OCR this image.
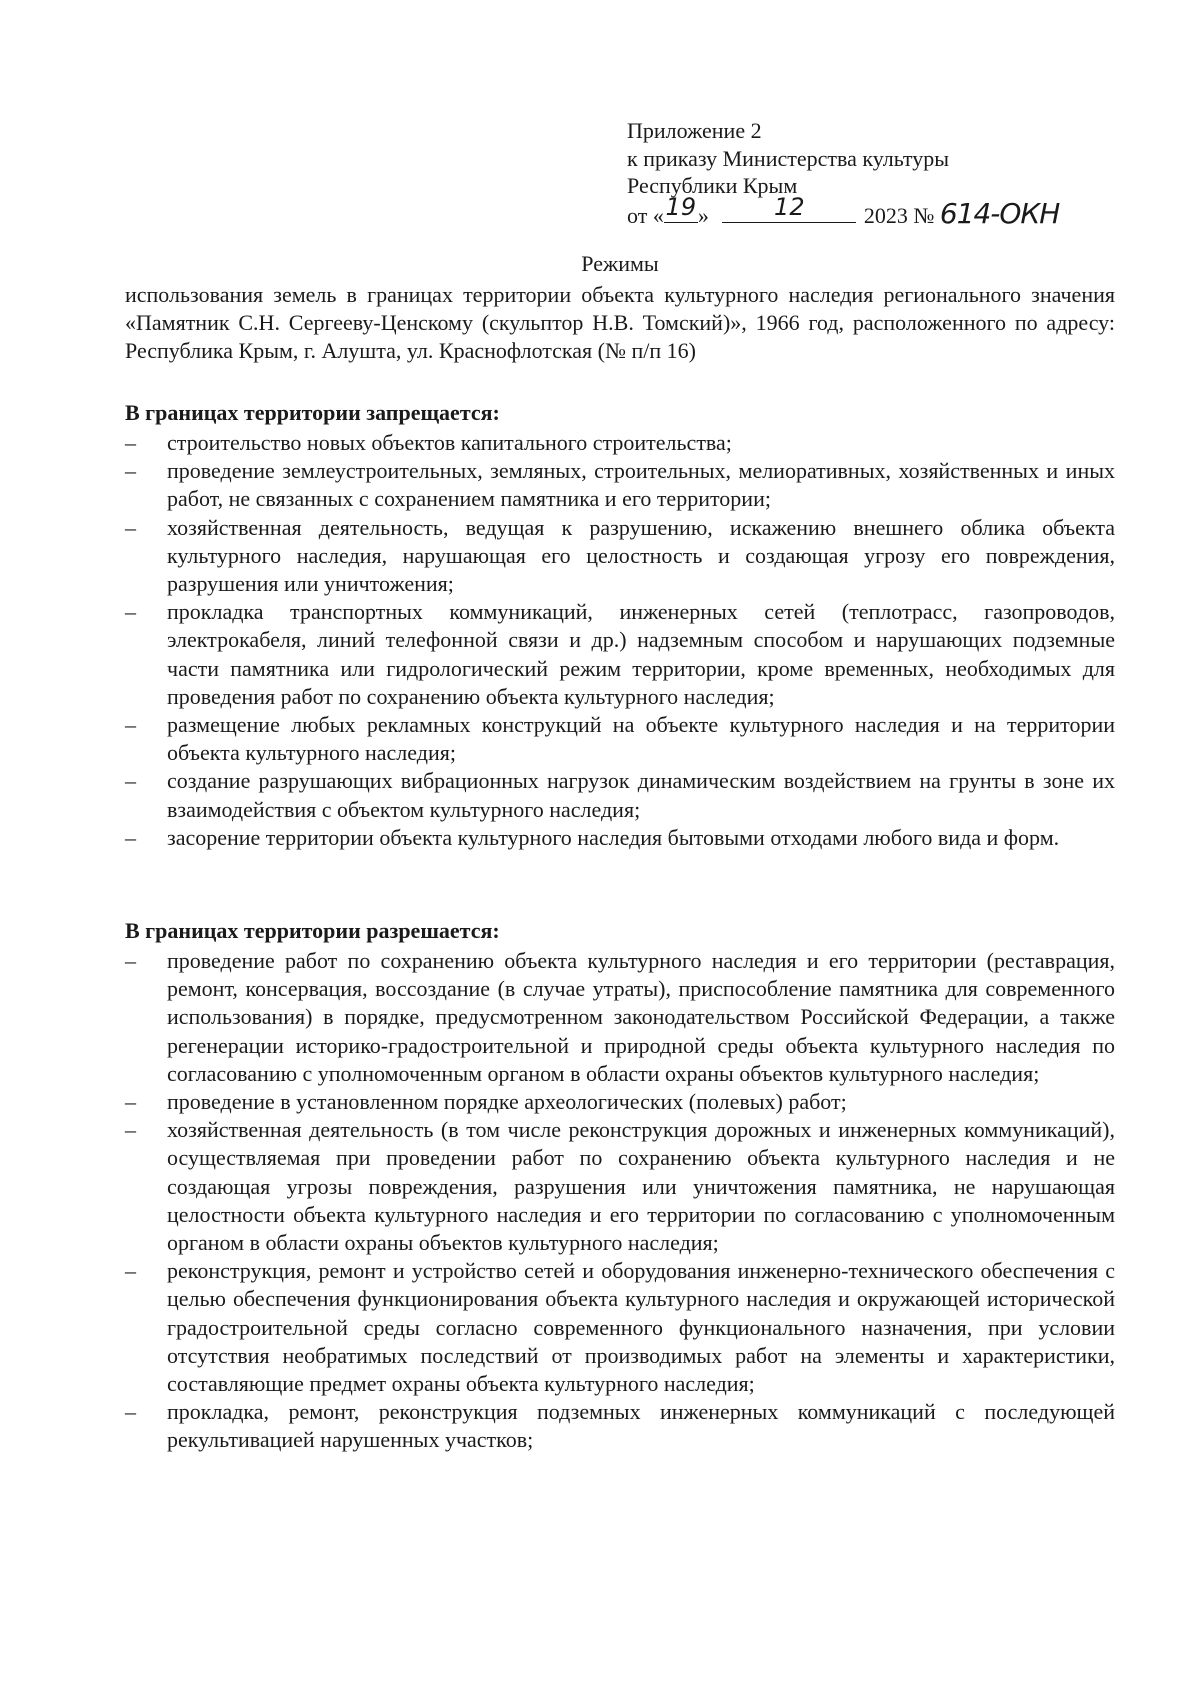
Приложение 2
к приказу Министерства культуры
Республики Крым
от « 19 »	12	2023 № 614-ОКН
Режимы
использования земель в границах территории объекта культурного наследия регионального значения «Памятник С.Н. Сергееву-Ценскому (скульптор Н.В. Томский)», 1966 год, расположенного по адресу: Республика Крым, г. Алушта, ул. Краснофлотская (№ п/п 16)
В границах территории запрещается:
– строительство новых объектов капитального строительства;
– проведение землеустроительных, земляных, строительных, мелиоративных, хозяйственных и иных работ, не связанных с сохранением памятника и его территории;
– хозяйственная деятельность, ведущая к разрушению, искажению внешнего облика объекта культурного наследия, нарушающая его целостность и создающая угрозу его повреждения, разрушения или уничтожения;
– прокладка транспортных коммуникаций, инженерных сетей (теплотрасс, газопроводов, электрокабеля, линий телефонной связи и др.) надземным способом и нарушающих подземные части памятника или гидрологический режим территории, кроме временных, необходимых для проведения работ по сохранению объекта культурного наследия;
– размещение любых рекламных конструкций на объекте культурного наследия и на территории объекта культурного наследия;
– создание разрушающих вибрационных нагрузок динамическим воздействием на грунты в зоне их взаимодействия с объектом культурного наследия;
– засорение территории объекта культурного наследия бытовыми отходами любого вида и форм.
В границах территории разрешается:
– проведение работ по сохранению объекта культурного наследия и его территории (реставрация, ремонт, консервация, воссоздание (в случае утраты), приспособление памятника для современного использования) в порядке, предусмотренном законодательством Российской Федерации, а также регенерации историко-градостроительной и природной среды объекта культурного наследия по согласованию с уполномоченным органом в области охраны объектов культурного наследия;
– проведение в установленном порядке археологических (полевых) работ;
– хозяйственная деятельность (в том числе реконструкция дорожных и инженерных коммуникаций), осуществляемая при проведении работ по сохранению объекта культурного наследия и не создающая угрозы повреждения, разрушения или уничтожения памятника, не нарушающая целостности объекта культурного наследия и его территории по согласованию с уполномоченным органом в области охраны объектов культурного наследия;
– реконструкция, ремонт и устройство сетей и оборудования инженерно-технического обеспечения с целью обеспечения функционирования объекта культурного наследия и окружающей исторической градостроительной среды согласно современного функционального назначения, при условии отсутствия необратимых последствий от производимых работ на элементы и характеристики, составляющие предмет охраны объекта культурного наследия;
– прокладка, ремонт, реконструкция подземных инженерных коммуникаций с последующей рекультивацией нарушенных участков;
